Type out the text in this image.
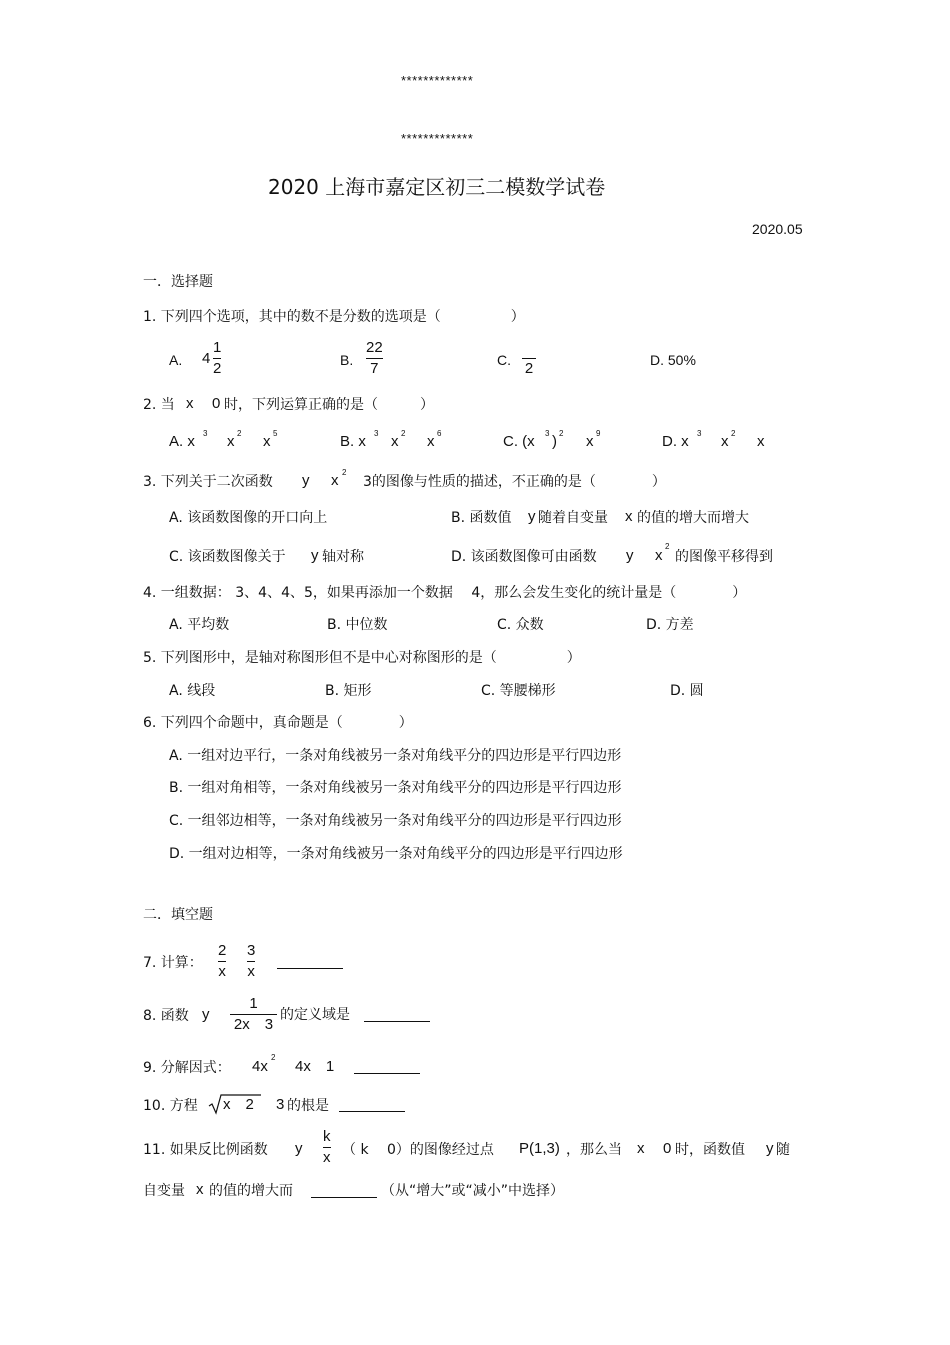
*************
*************
2020 上海市嘉定区初三二模数学试卷
2020.05
一．选择题
1. 下列四个选项，其中的数不是分数的选项是（　　　　　）
A. 4
1
2	B.
22
7	C. 2	D. 50%
2. 当 x 0 时，下列运算正确的是（　　　）
A. x 3 x 2 x 5	B. x 3 x 2 x 6	C. (x 3 ) 2 x 9	D. x 3 x 2 x
3. 下列关于二次函数 y x 2
3的图像与性质的描述，不正确的是（　　　　）
A. 该函数图像的开口向上	B. 函数值 y 随着自变量 x 的值的增大而增大
C. 该函数图像关于 y 轴对称	D. 该函数图像可由函数 y x
2
的图像平移得到
4. 一组数据： 3、4、4、5，如果再添加一个数据　 4，那么会发生变化的统计量是（　　　　）
A. 平均数	B. 中位数	C. 众数	D. 方差
5. 下列图形中，是轴对称图形但不是中心对称图形的是（　　　　　）
A. 线段	B. 矩形	C. 等腰梯形	D. 圆
6. 下列四个命题中，真命题是（　　　　）
A. 一组对边平行，一条对角线被另一条对角线平分的四边形是平行四边形
B. 一组对角相等，一条对角线被另一条对角线平分的四边形是平行四边形
C. 一组邻边相等，一条对角线被另一条对角线平分的四边形是平行四边形
D. 一组对边相等，一条对角线被另一条对角线平分的四边形是平行四边形
二．填空题
7. 计算：
2
x
3
x
8. 函数 y
1
2x　3
的定义域是
9. 分解因式： 4x
2
4x　1
10. 方程 x　2 3 的根是
11. 如果反比例函数 y
k
x （ k　 0）的图像经过点 P(1,3) ，那么当 x 0 时，函数值 y 随
自变量 x 的值的增大而	（从“增大”或“减小”中选择）
